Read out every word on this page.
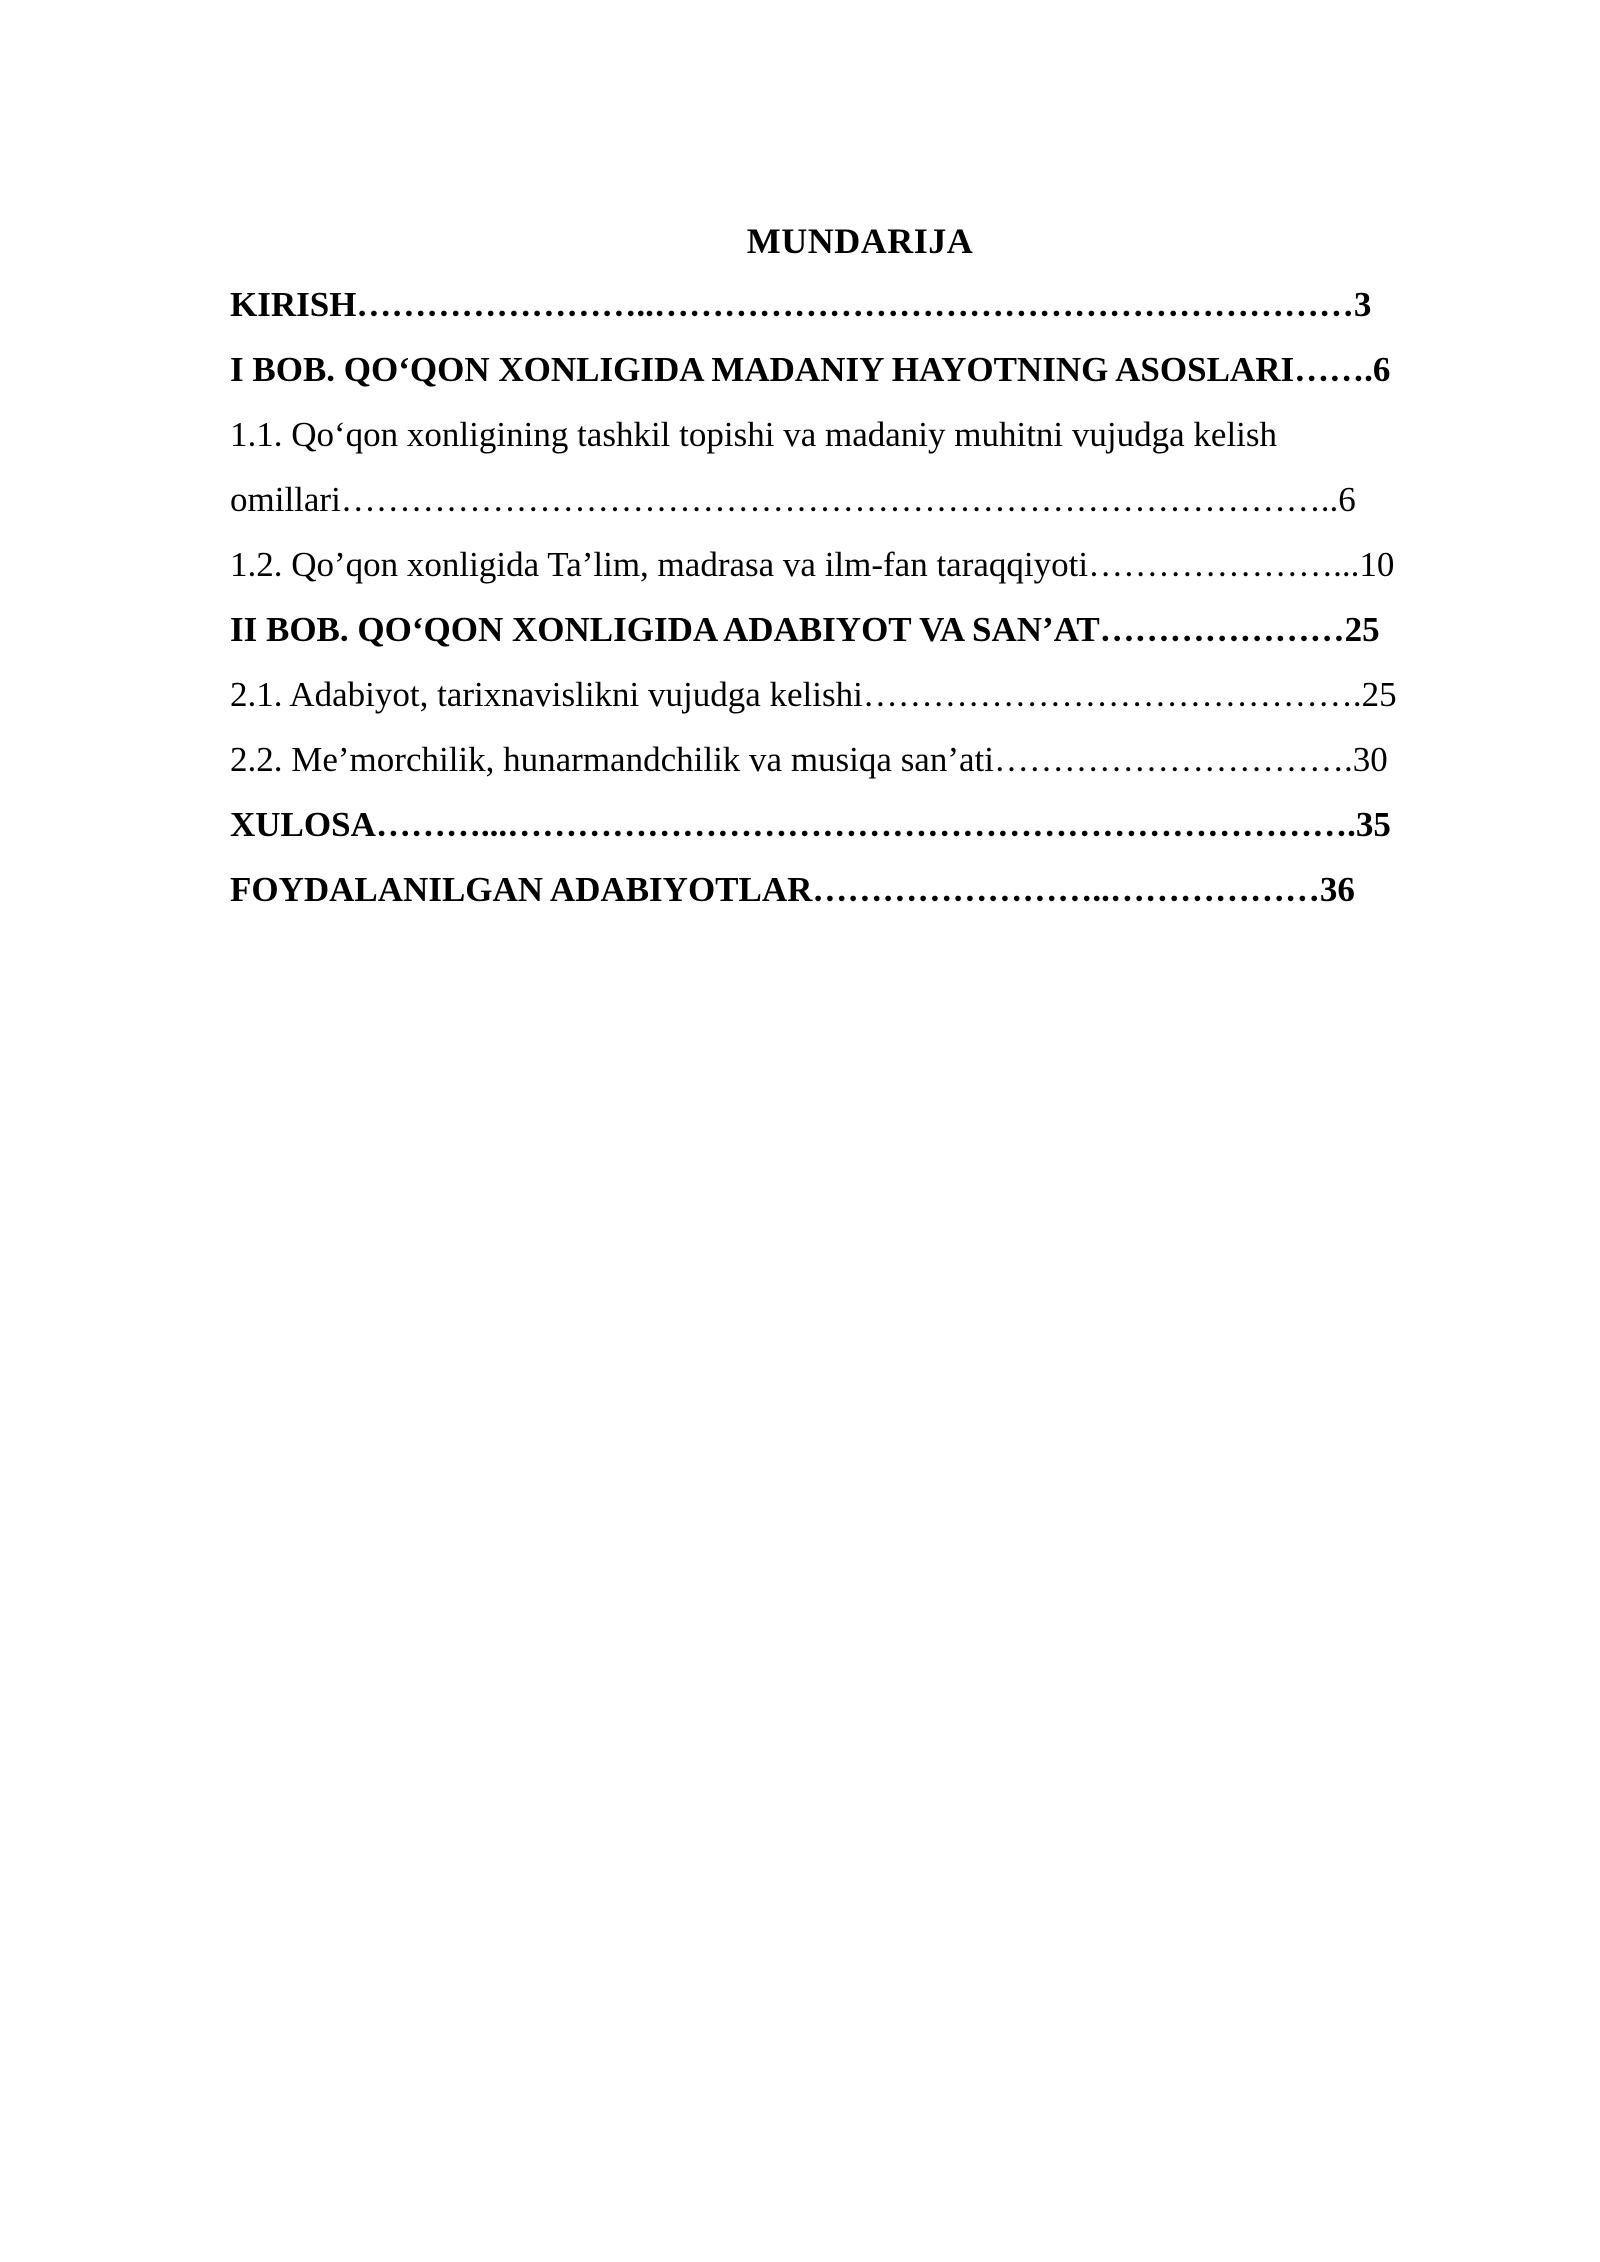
MUNDARIJA
KIRISH……………………..……………………………………………………3
I BOB. QO‘QON XONLIGIDA MADANIY HAYOTNING ASOSLARI…….6
1.1. Qo‘qon xonligining tashkil topishi va madaniy muhitni vujudga kelish
omillari…………………………………………………………………………..6
1.2. Qo’qon xonligida Ta’lim, madrasa va ilm-fan taraqqiyoti…………………...10
II BOB. QO‘QON XONLIGIDA ADABIYOT VA SAN’AT…………………25
2.1. Adabiyot, tarixnavislikni vujudga kelishi…………………………………….25
2.2. Me’morchilik, hunarmandchilik va musiqa san’ati………………………….30
XULOSA………...……………………………………………………………….35
FOYDALANILGAN ADABIYOTLAR……………………..………………36
